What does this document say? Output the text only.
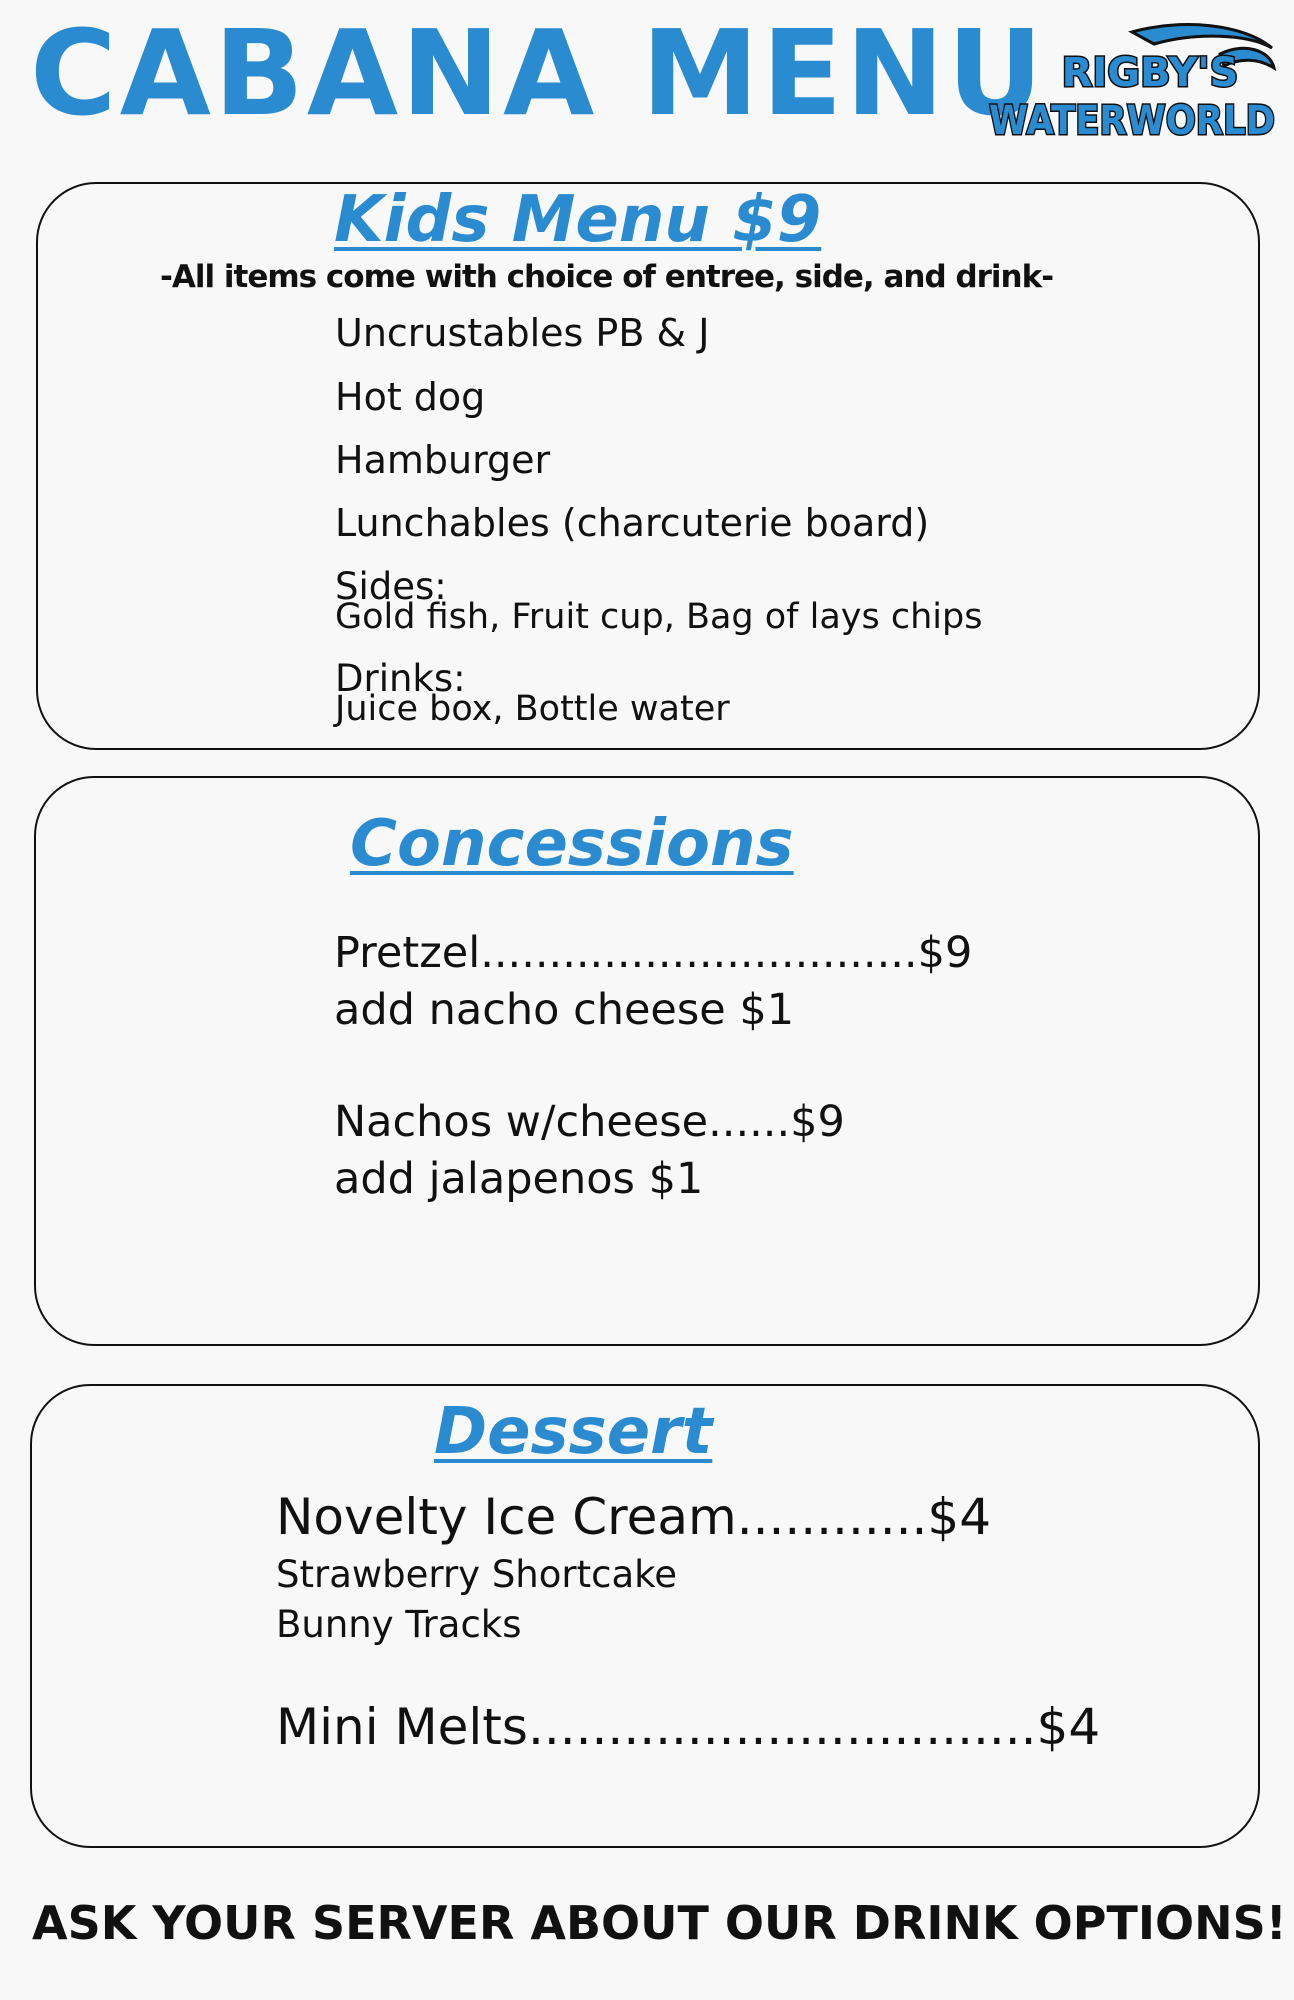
CABANA MENU RIGBY'S
WATERWORLD
Kids Menu $9
-All items come with choice of entree, side, and drink-
Uncrustables PB & J
Hot dog
Hamburger
Lunchables (charcuterie board)
Sides:
Gold fish, Fruit cup, Bag of lays chips
Drinks:
Juice box, Bottle water
Concessions
Pretzel................................$9
add nacho cheese $1
Nachos w/cheese......$9
add jalapenos $1
Dessert
Novelty Ice Cream............$4
Strawberry Shortcake
Bunny Tracks
Mini Melts................................$4
ASK YOUR SERVER ABOUT OUR DRINK OPTIONS!
